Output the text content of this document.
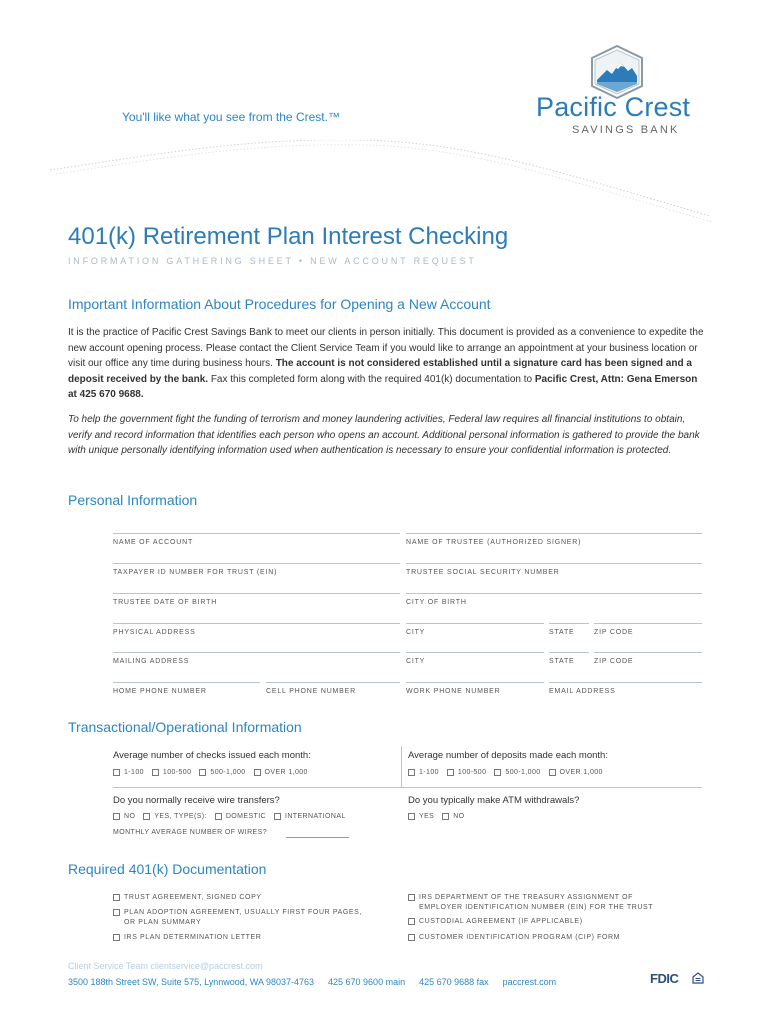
You'll like what you see from the Crest.™	Pacific Crest
SAVINGS BANK
401(k) Retirement Plan Interest Checking
INFORMATION GATHERING SHEET • NEW ACCOUNT REQUEST
Important Information About Procedures for Opening a New Account

It is the practice of Pacific Crest Savings Bank to meet our clients in person initially. This document is provided as a convenience to expedite the new account opening process. Please contact the Client Service Team if you would like to arrange an appointment at your business location or visit our office any time during business hours. The account is not considered established until a signature card has been signed and a deposit received by the bank. Fax this completed form along with the required 401(k) documentation to Pacific Crest, Attn: Gena Emerson at 425 670 9688.

To help the government fight the funding of terrorism and money laundering activities, Federal law requires all financial institutions to obtain, verify and record information that identifies each person who opens an account. Additional personal information is gathered to provide the bank with unique personally identifying information used when authentication is necessary to ensure your confidential information is protected.

Personal Information
NAME OF ACCOUNT	NAME OF TRUSTEE (AUTHORIZED SIGNER)
TAXPAYER ID NUMBER FOR TRUST (EIN)	TRUSTEE SOCIAL SECURITY NUMBER
TRUSTEE DATE OF BIRTH	CITY OF BIRTH
PHYSICAL ADDRESS	CITY	STATE	ZIP CODE
MAILING ADDRESS	CITY	STATE	ZIP CODE
HOME PHONE NUMBER	CELL PHONE NUMBER	WORK PHONE NUMBER	EMAIL ADDRESS
Transactional/Operational Information
Average number of checks issued each month:
1-100	100-500	500-1,000	OVER 1,000
Average number of deposits made each month:
1-100	100-500	500-1,000	OVER 1,000
Do you normally receive wire transfers?
NO	YES, TYPE(S):	DOMESTIC	INTERNATIONAL
MONTHLY AVERAGE NUMBER OF WIRES?
Do you typically make ATM withdrawals?
YES	NO
Required 401(k) Documentation
TRUST AGREEMENT, SIGNED COPY
PLAN ADOPTION AGREEMENT, USUALLY FIRST FOUR PAGES, OR PLAN SUMMARY
IRS PLAN DETERMINATION LETTER
IRS DEPARTMENT OF THE TREASURY ASSIGNMENT OF EMPLOYER IDENTIFICATION NUMBER (EIN) FOR THE TRUST
CUSTODIAL AGREEMENT (IF APPLICABLE)
CUSTOMER IDENTIFICATION PROGRAM (CIP) FORM
Client Service Team clientservice@paccrest.com
3500 188th Street SW, Suite 575, Lynnwood, WA 98037-4763 425 670 9600 main 425 670 9688 fax paccrest.com	FDIC
